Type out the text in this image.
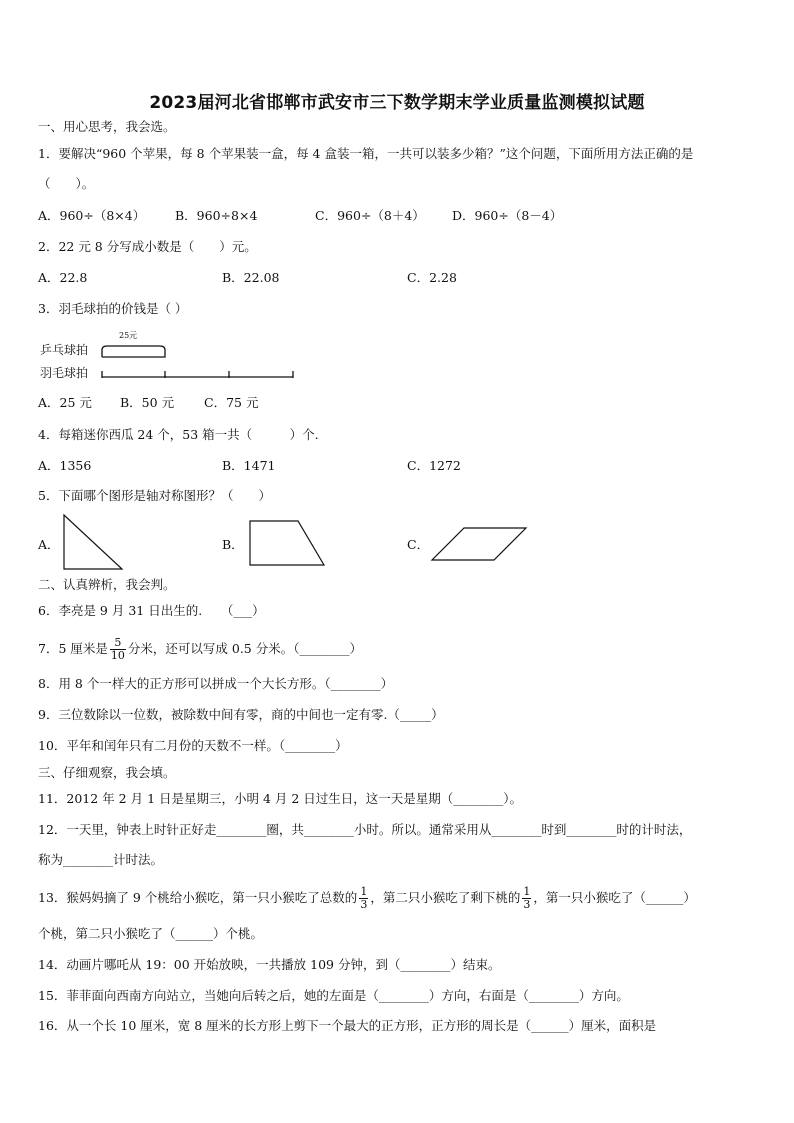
2023届河北省邯郸市武安市三下数学期末学业质量监测模拟试题
一、用心思考，我会选。
1．要解决“960 个苹果，每 8 个苹果装一盒，每 4 盒装一箱，一共可以装多少箱？”这个问题，下面所用方法正确的是
（　　）。
A．960÷（8×4） B．960÷8×4	C．960÷（8＋4） D．960÷（8－4）
2．22 元 8 分写成小数是（　　）元。
A．22.8	B．22.08	C．2.28
3．羽毛球拍的价钱是（ ）
乒乓球拍
羽毛球拍
25元
A．25 元 B．50 元 C．75 元
4．每箱迷你西瓜 24 个，53 箱一共（　　　）个.
A．1356	B．1471	C．1272
5．下面哪个图形是轴对称图形？（　　）
A．	B．	C．
二、认真辨析，我会判。
6．李亮是 9 月 31 日出生的.　　（___）
7．5 厘米是 $\frac{5}{10}$ 分米，还可以写成 0.5 分米。（________）
8．用 8 个一样大的正方形可以拼成一个大长方形。（________）
9．三位数除以一位数，被除数中间有零，商的中间也一定有零.（_____）
10．平年和闰年只有二月份的天数不一样。（________）
三、仔细观察，我会填。
11．2012 年 2 月 1 日是星期三，小明 4 月 2 日过生日，这一天是星期（________）。
12．一天里，钟表上时针正好走________圈，共________小时。所以。通常采用从________时到________时的计时法，
称为________计时法。
13．猴妈妈摘了 9 个桃给小猴吃，第一只小猴吃了总数的 $\frac{1}{3}$ ，第二只小猴吃了剩下桃的 $\frac{1}{3}$ ，第一只小猴吃了（______）
个桃，第二只小猴吃了（______）个桃。
14．动画片哪吒从 19：00 开始放映，一共播放 109 分钟，到（________）结束。
15．菲菲面向西南方向站立，当她向后转之后，她的左面是（________）方向，右面是（________）方向。
16．从一个长 10 厘米，宽 8 厘米的长方形上剪下一个最大的正方形，正方形的周长是（______）厘米，面积是
